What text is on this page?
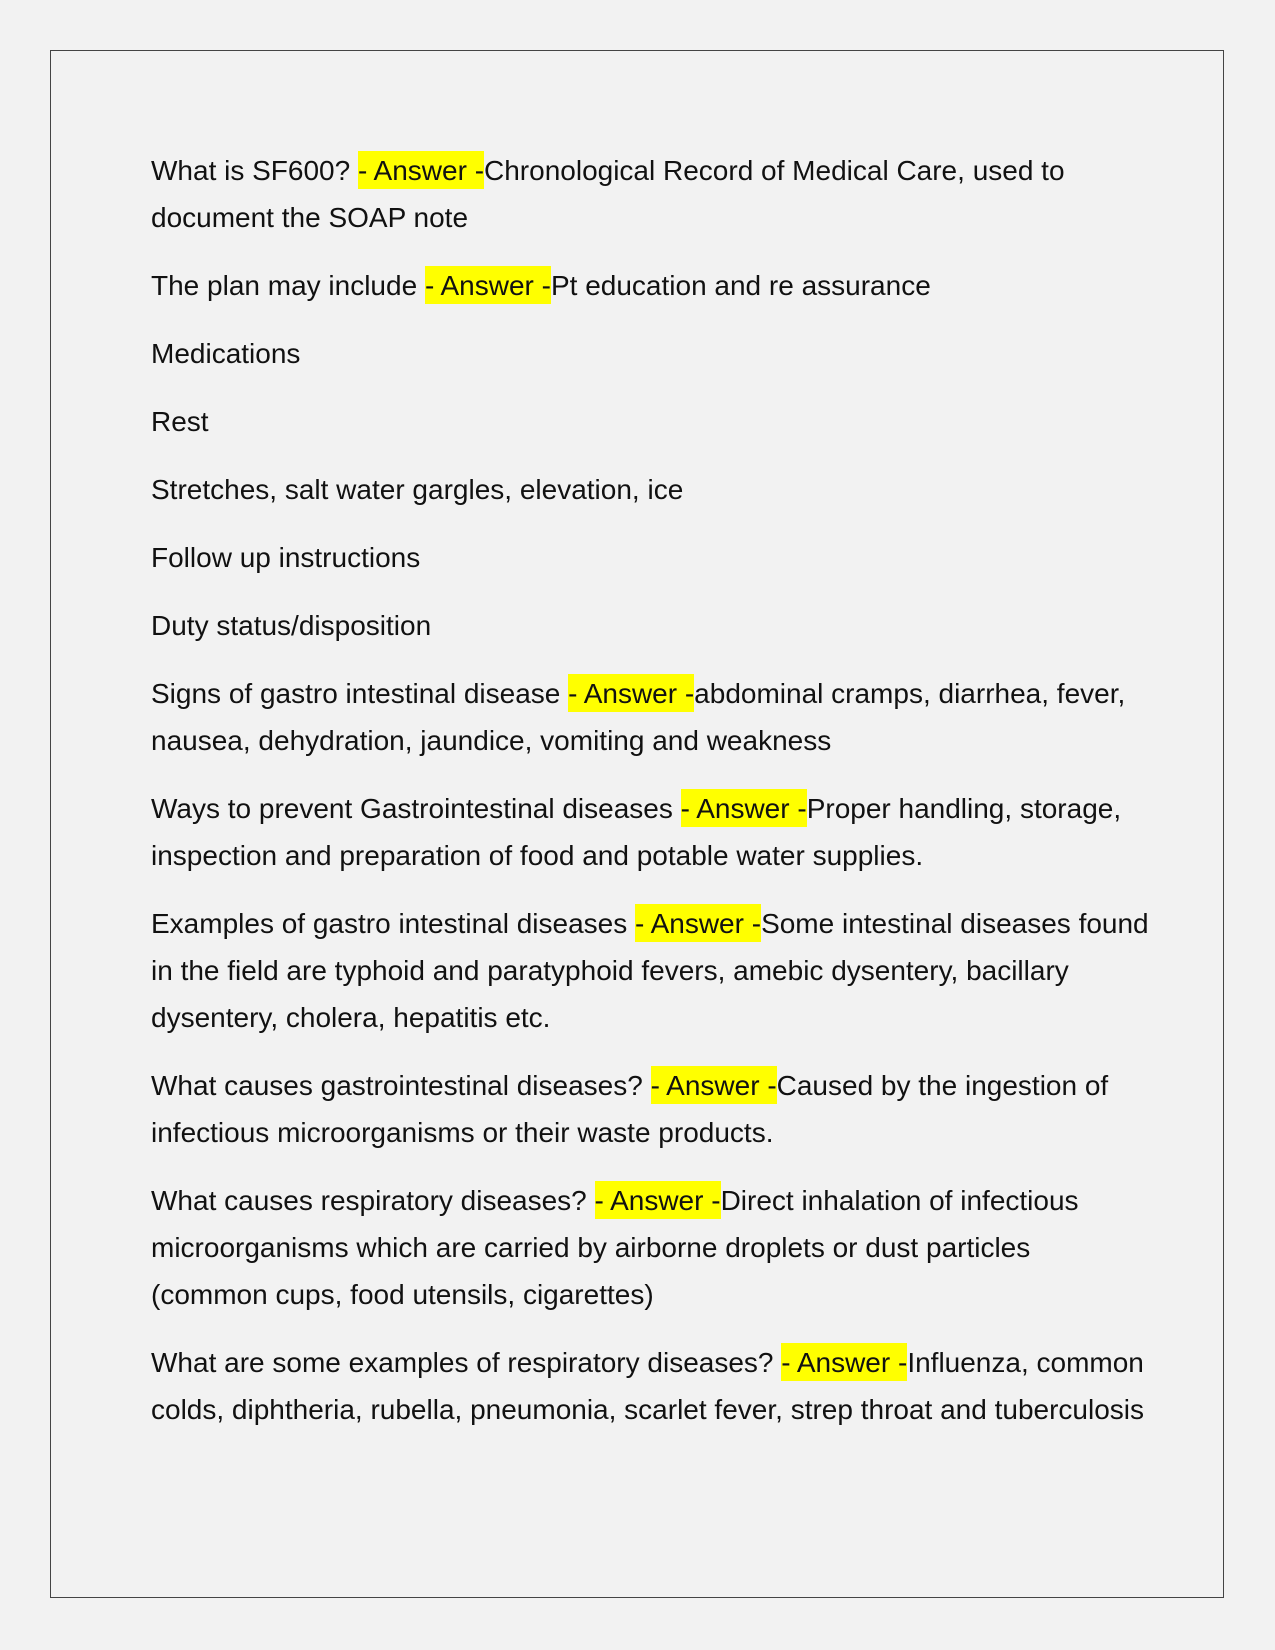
What is SF600? - Answer -Chronological Record of Medical Care, used to document the SOAP note

The plan may include - Answer -Pt education and re assurance

Medications

Rest

Stretches, salt water gargles, elevation, ice

Follow up instructions

Duty status/disposition

Signs of gastro intestinal disease - Answer -abdominal cramps, diarrhea, fever, nausea, dehydration, jaundice, vomiting and weakness

Ways to prevent Gastrointestinal diseases - Answer -Proper handling, storage, inspection and preparation of food and potable water supplies.

Examples of gastro intestinal diseases - Answer -Some intestinal diseases found in the field are typhoid and paratyphoid fevers, amebic dysentery, bacillary dysentery, cholera, hepatitis etc.

What causes gastrointestinal diseases? - Answer -Caused by the ingestion of infectious microorganisms or their waste products.

What causes respiratory diseases? - Answer -Direct inhalation of infectious microorganisms which are carried by airborne droplets or dust particles (common cups, food utensils, cigarettes)

What are some examples of respiratory diseases? - Answer -Influenza, common colds, diphtheria, rubella, pneumonia, scarlet fever, strep throat and tuberculosis
